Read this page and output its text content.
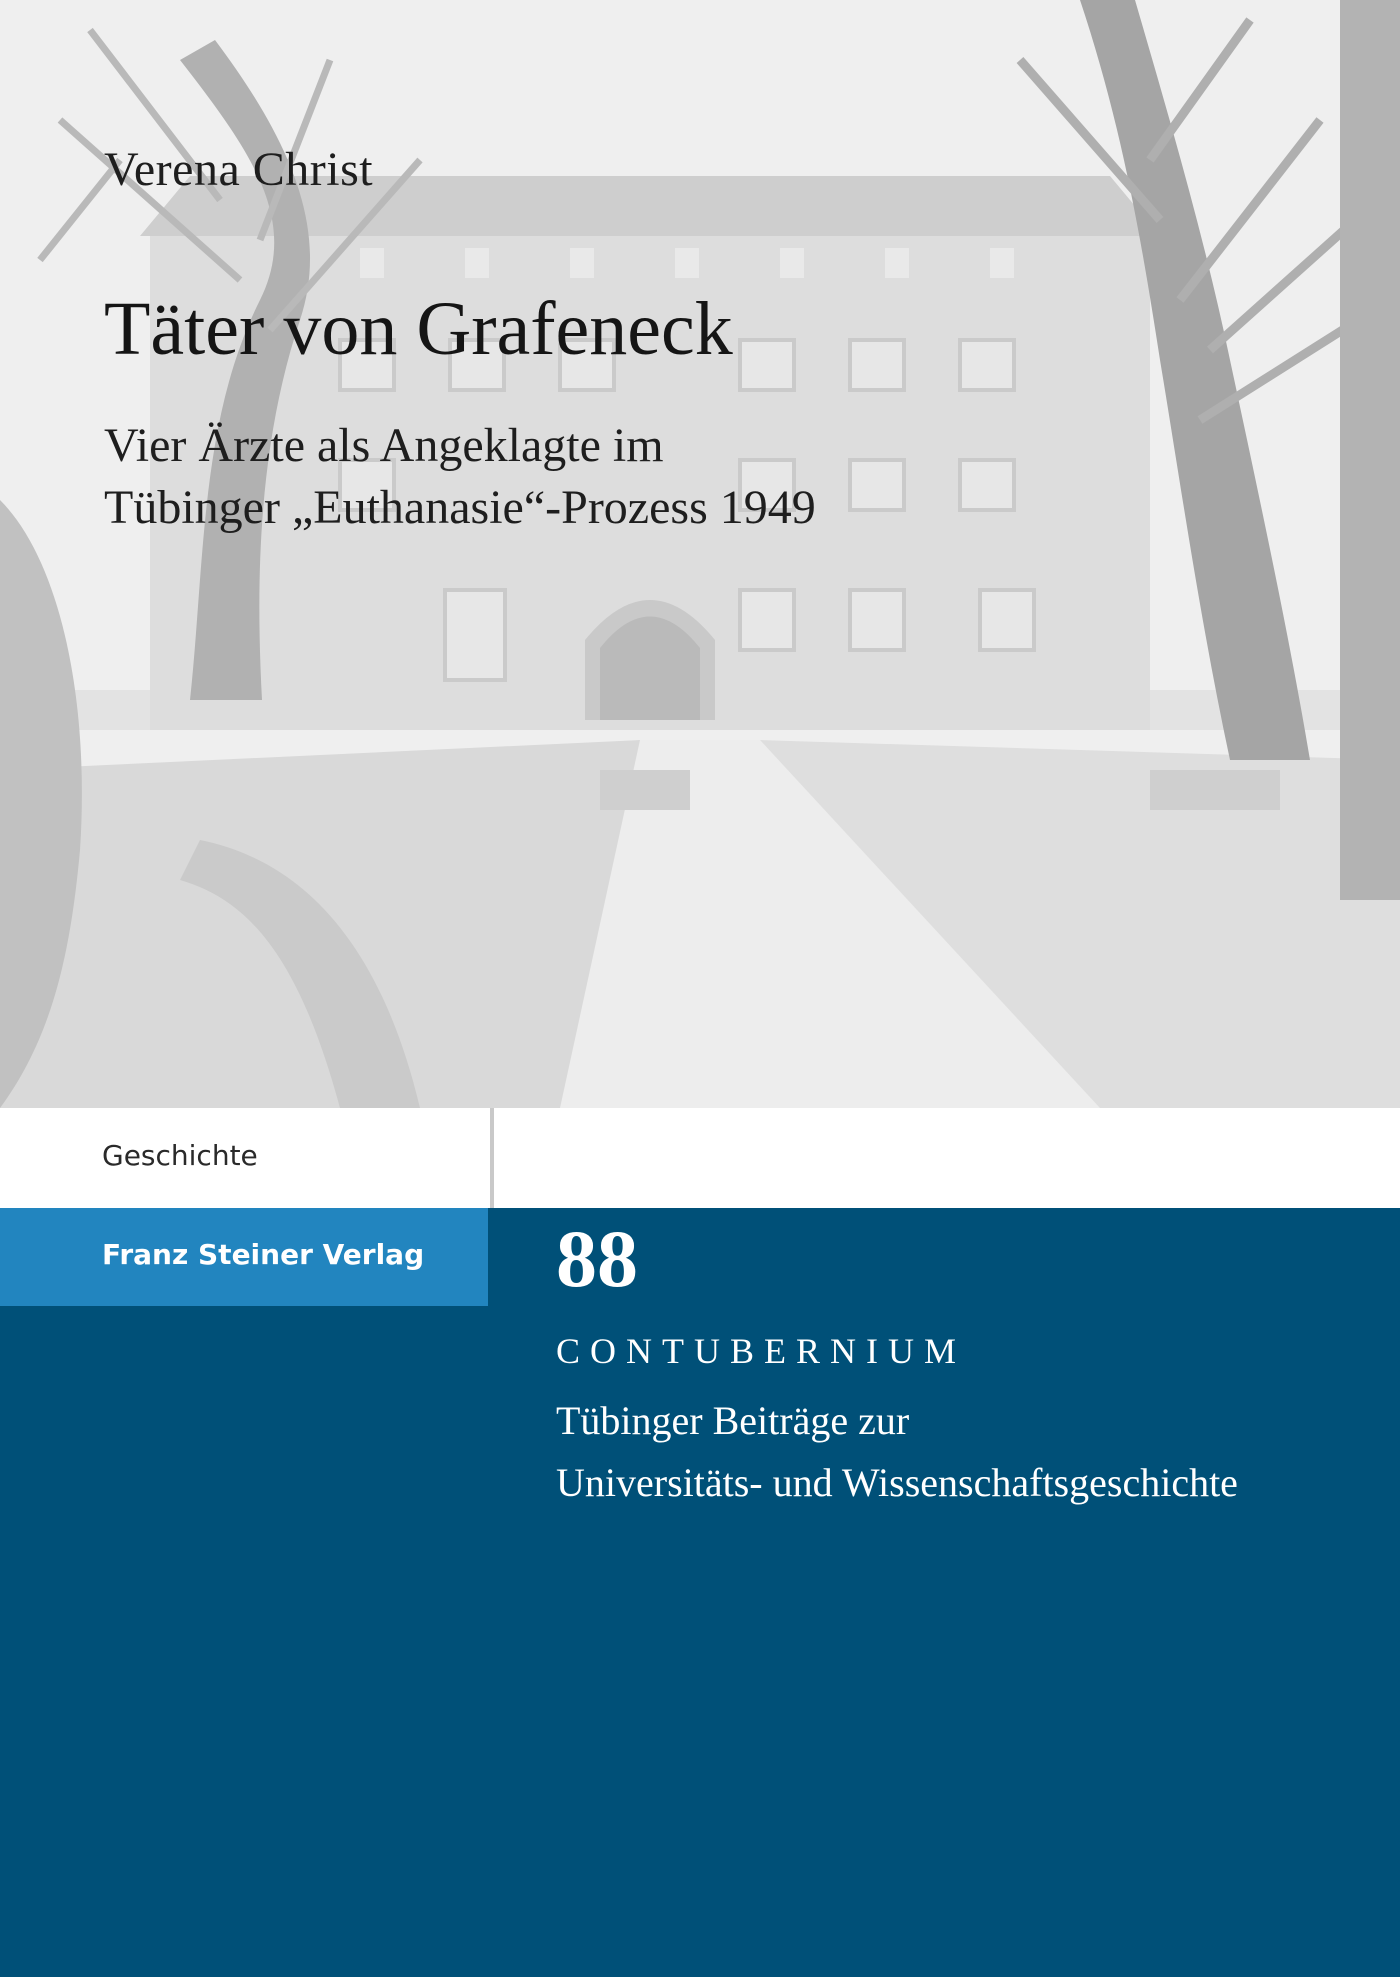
Verena Christ
Täter von Grafeneck
Vier Ärzte als Angeklagte im
Tübinger „Euthanasie“-Prozess 1949
Geschichte
Franz Steiner Verlag 88
CONTUBERNIUM
Tübinger Beiträge zur
Universitäts- und Wissenschaftsgeschichte
